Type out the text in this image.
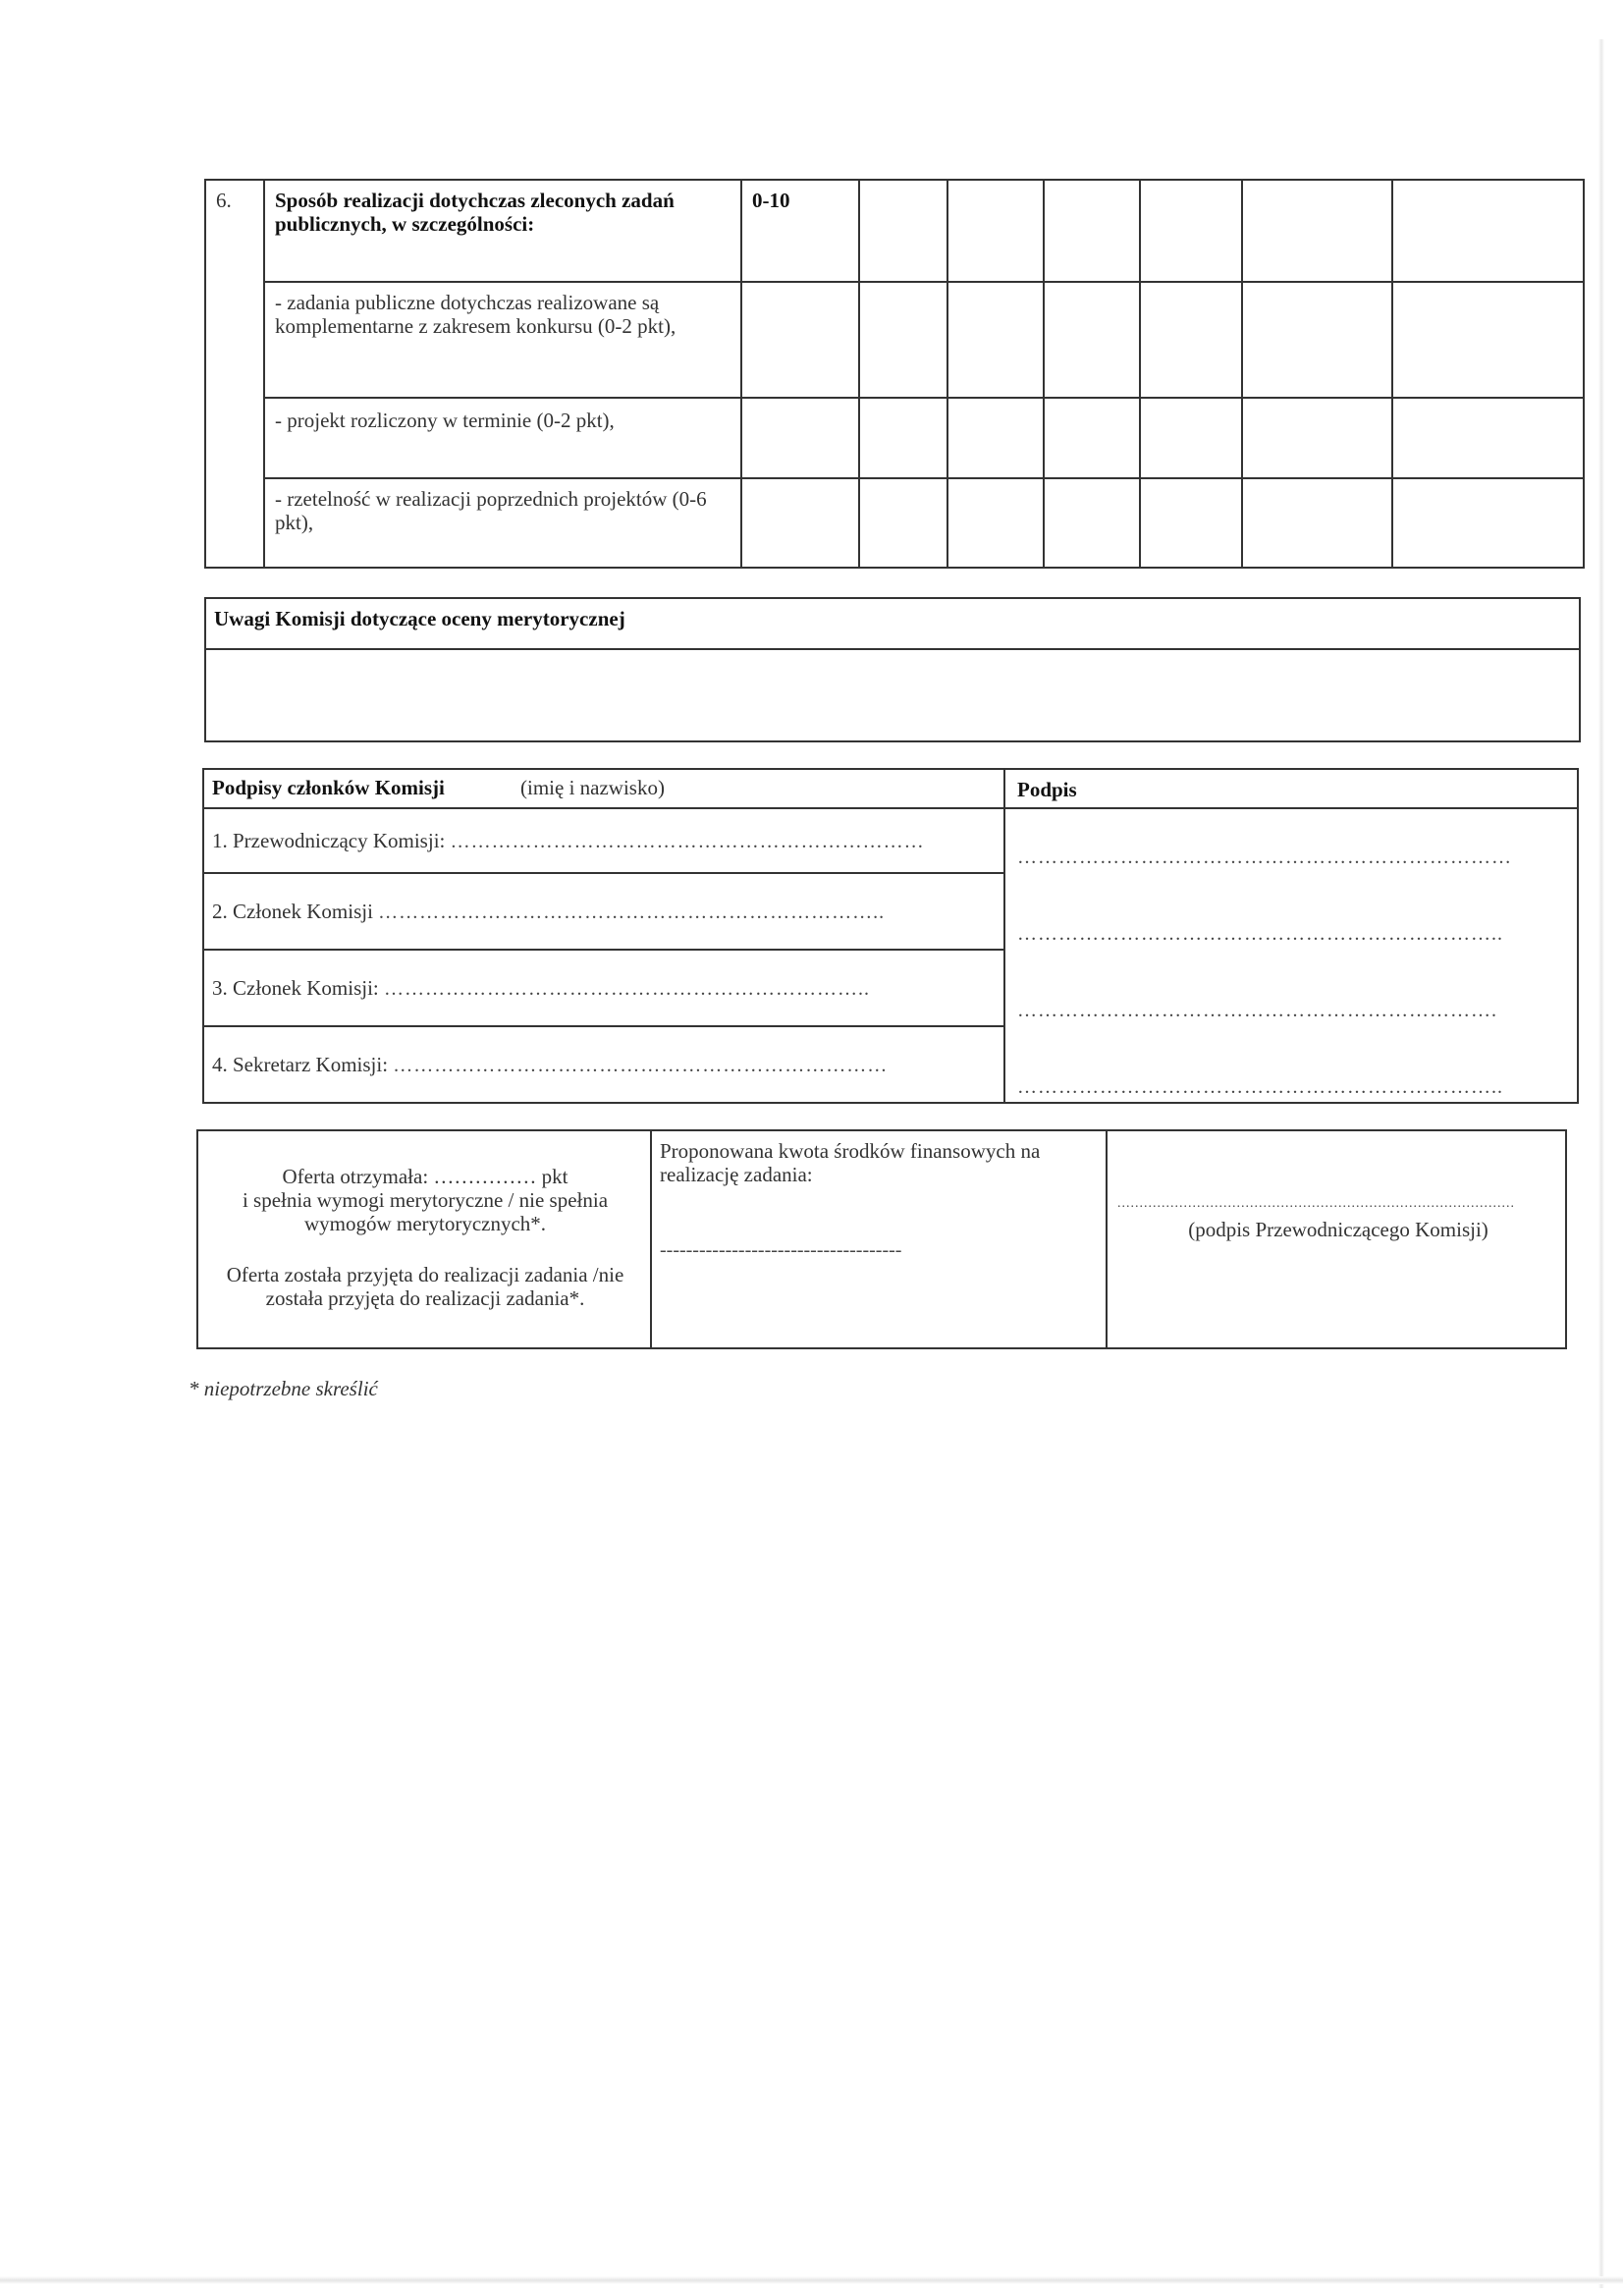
6. Sposób realizacji dotychczas zleconych zadań publicznych, w szczególności:
0-10
- zadania publiczne dotychczas realizowane są komplementarne z zakresem konkursu (0-2 pkt),
- projekt rozliczony w terminie (0-2 pkt),
- rzetelność w realizacji poprzednich projektów (0-6 pkt),
Uwagi Komisji dotyczące oceny merytorycznej
Podpisy członków Komisji	(imię i nazwisko)	Podpis
1. Przewodniczący Komisji: ……………………………………………………………
………………………………………………………………
2. Członek Komisji ………………………………………………………………..
……………………………………………………………..
3. Członek Komisji: ……………………………………………………………..
…………………………………………………………….
4. Sekretarz Komisji: ………………………………………………………………
……………………………………………………………..
Oferta otrzymała: …………… pkt
i spełnia wymogi merytoryczne / nie spełnia wymogów merytorycznych*.
Oferta została przyjęta do realizacji zadania /nie została przyjęta do realizacji zadania*.
Proponowana kwota środków finansowych na realizację zadania:
-------------------------------------
..........................................................................................
(podpis Przewodniczącego Komisji)
* niepotrzebne skreślić
